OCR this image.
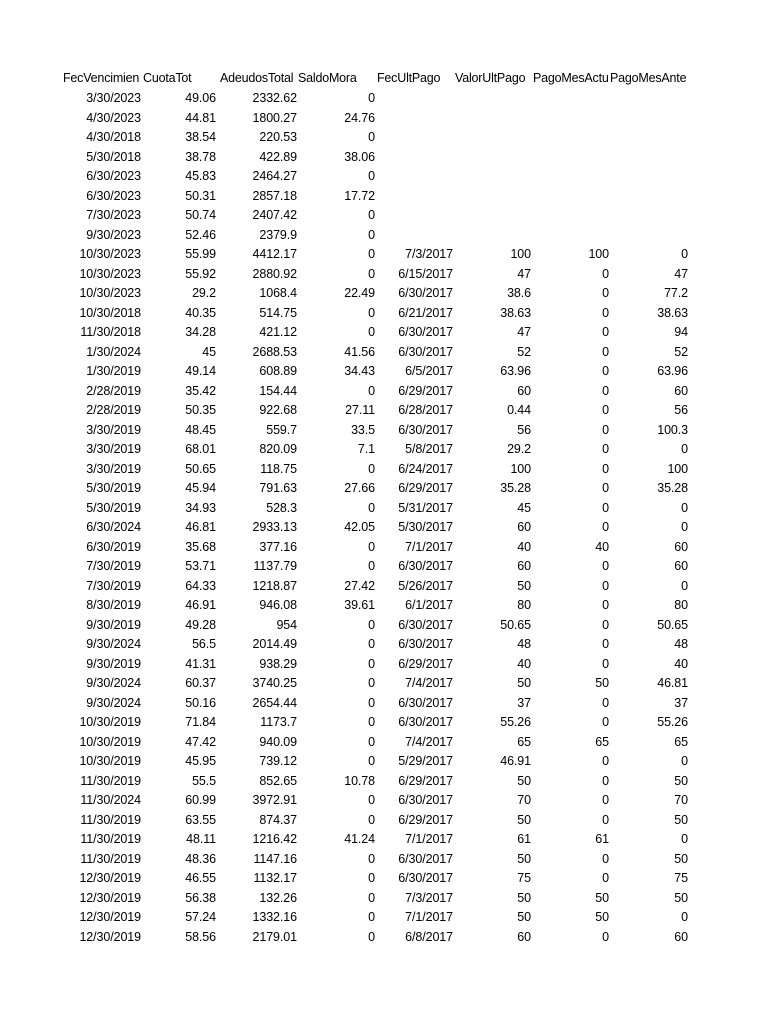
FecVencimien CuotaTot AdeudosTotal SaldoMora FecUltPago ValorUltPago PagoMesActu PagoMesAnte
3/30/2023	49.06	2332.62	0
4/30/2023	44.81	1800.27	24.76
4/30/2018	38.54	220.53	0
5/30/2018	38.78	422.89	38.06
6/30/2023	45.83	2464.27	0
6/30/2023	50.31	2857.18	17.72
7/30/2023	50.74	2407.42	0
9/30/2023	52.46	2379.9	0
10/30/2023	55.99	4412.17	0 7/3/2017	100	100	0
10/30/2023	55.92	2880.92	0 6/15/2017	47	0	47
10/30/2023	29.2	1068.4	22.49 6/30/2017	38.6	0	77.2
10/30/2018	40.35	514.75	0 6/21/2017	38.63	0	38.63
11/30/2018	34.28	421.12	0 6/30/2017	47	0	94
1/30/2024	45	2688.53	41.56 6/30/2017	52	0	52
1/30/2019	49.14	608.89	34.43 6/5/2017	63.96	0	63.96
2/28/2019	35.42	154.44	0 6/29/2017	60	0	60
2/28/2019	50.35	922.68	27.11 6/28/2017	0.44	0	56
3/30/2019	48.45	559.7	33.5 6/30/2017	56	0	100.3
3/30/2019	68.01	820.09	7.1 5/8/2017	29.2	0	0
3/30/2019	50.65	118.75	0 6/24/2017	100	0	100
5/30/2019	45.94	791.63	27.66 6/29/2017	35.28	0	35.28
5/30/2019	34.93	528.3	0 5/31/2017	45	0	0
6/30/2024	46.81	2933.13	42.05 5/30/2017	60	0	0
6/30/2019	35.68	377.16	0 7/1/2017	40	40	60
7/30/2019	53.71	1137.79	0 6/30/2017	60	0	60
7/30/2019	64.33	1218.87	27.42 5/26/2017	50	0	0
8/30/2019	46.91	946.08	39.61 6/1/2017	80	0	80
9/30/2019	49.28	954	0 6/30/2017	50.65	0	50.65
9/30/2024	56.5	2014.49	0 6/30/2017	48	0	48
9/30/2019	41.31	938.29	0 6/29/2017	40	0	40
9/30/2024	60.37	3740.25	0 7/4/2017	50	50	46.81
9/30/2024	50.16	2654.44	0 6/30/2017	37	0	37
10/30/2019	71.84	1173.7	0 6/30/2017	55.26	0	55.26
10/30/2019	47.42	940.09	0 7/4/2017	65	65	65
10/30/2019	45.95	739.12	0 5/29/2017	46.91	0	0
11/30/2019	55.5	852.65	10.78 6/29/2017	50	0	50
11/30/2024	60.99	3972.91	0 6/30/2017	70	0	70
11/30/2019	63.55	874.37	0 6/29/2017	50	0	50
11/30/2019	48.11	1216.42	41.24 7/1/2017	61	61	0
11/30/2019	48.36	1147.16	0 6/30/2017	50	0	50
12/30/2019	46.55	1132.17	0 6/30/2017	75	0	75
12/30/2019	56.38	132.26	0 7/3/2017	50	50	50
12/30/2019	57.24	1332.16	0 7/1/2017	50	50	0
12/30/2019	58.56	2179.01	0 6/8/2017	60	0	60
